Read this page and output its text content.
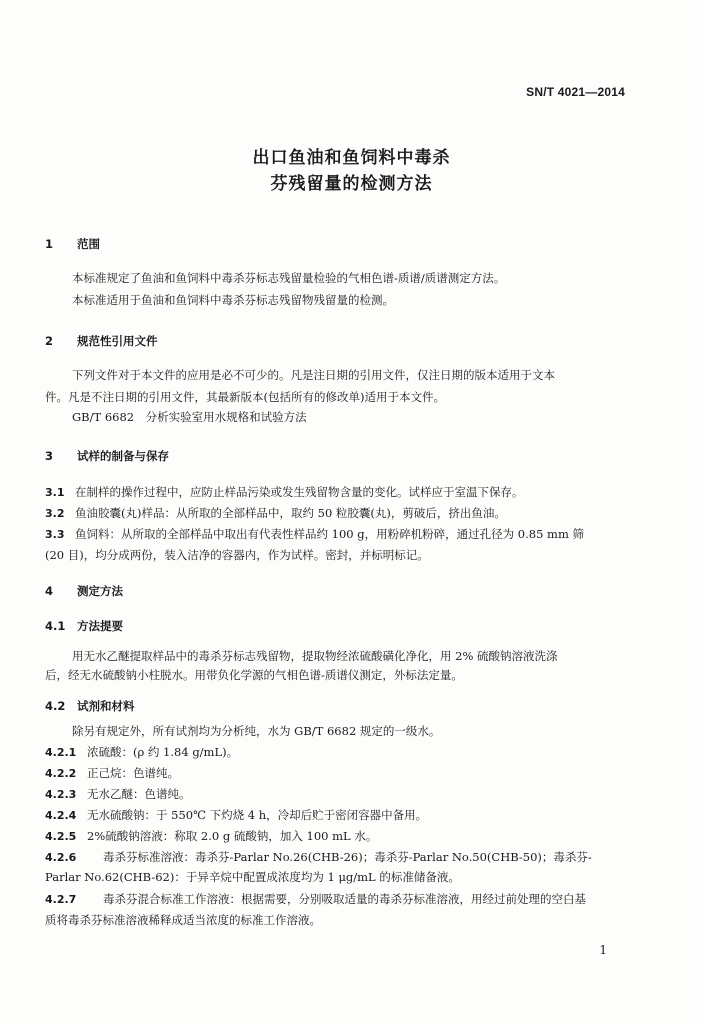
SN/T 4021—2014
出口鱼油和鱼饲料中毒杀
芬残留量的检测方法
1 范围
本标准规定了鱼油和鱼饲料中毒杀芬标志残留量检验的气相色谱-质谱/质谱测定方法。
本标准适用于鱼油和鱼饲料中毒杀芬标志残留物残留量的检测。
2 规范性引用文件
下列文件对于本文件的应用是必不可少的。凡是注日期的引用文件，仅注日期的版本适用于文本
件。凡是不注日期的引用文件，其最新版本(包括所有的修改单)适用于本文件。
GB/T 6682　分析实验室用水规格和试验方法
3 试样的制备与保存
3.1 在制样的操作过程中，应防止样品污染或发生残留物含量的变化。试样应于室温下保存。
3.2 鱼油胶囊(丸)样品：从所取的全部样品中，取约 50 粒胶囊(丸)，剪破后，挤出鱼油。
3.3 鱼饲料：从所取的全部样品中取出有代表性样品约 100 g，用粉碎机粉碎，通过孔径为 0.85 mm 筛
(20 目)，均分成两份，装入洁净的容器内，作为试样。密封，并标明标记。
4 测定方法
4.1 方法提要
用无水乙醚提取样品中的毒杀芬标志残留物，提取物经浓硫酸磺化净化，用 2% 硫酸钠溶液洗涤
后，经无水硫酸钠小柱脱水。用带负化学源的气相色谱-质谱仪测定，外标法定量。
4.2 试剂和材料
除另有规定外，所有试剂均为分析纯，水为 GB/T 6682 规定的一级水。
4.2.1 浓硫酸：(ρ 约 1.84 g/mL)。
4.2.2 正己烷：色谱纯。
4.2.3 无水乙醚：色谱纯。
4.2.4 无水硫酸钠：于 550℃ 下灼烧 4 h，冷却后贮于密闭容器中备用。
4.2.5 2%硫酸钠溶液：称取 2.0 g 硫酸钠，加入 100 mL 水。
4.2.6 毒杀芬标准溶液：毒杀芬-Parlar No.26(CHB-26)；毒杀芬-Parlar No.50(CHB-50)；毒杀芬-
Parlar No.62(CHB-62)：于异辛烷中配置成浓度均为 1 μg/mL 的标准储备液。
4.2.7 毒杀芬混合标准工作溶液：根据需要，分别吸取适量的毒杀芬标准溶液，用经过前处理的空白基
质将毒杀芬标准溶液稀释成适当浓度的标准工作溶液。
1
